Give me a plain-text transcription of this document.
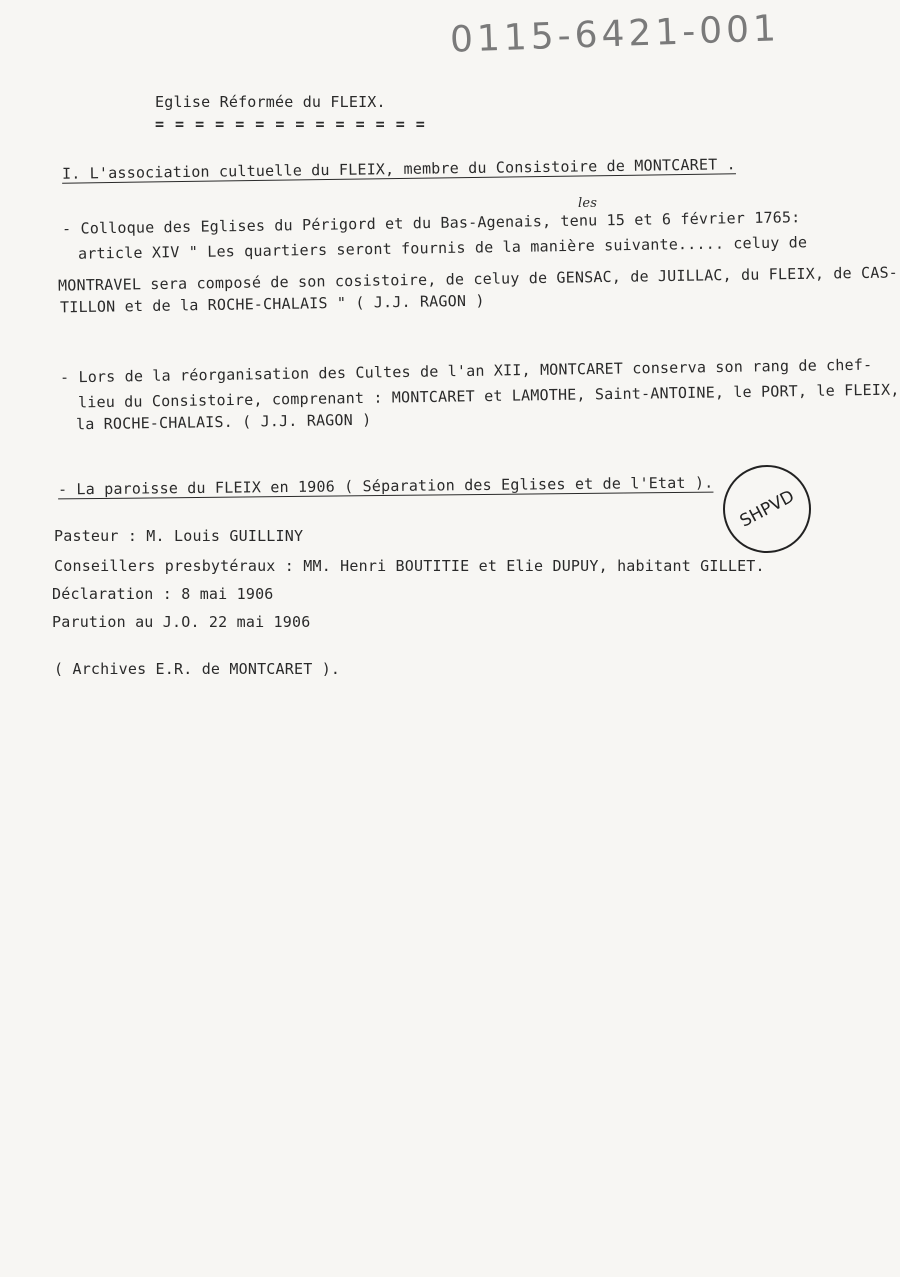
0115-6421-001
Eglise Réformée du FLEIX.
= = = = = = = = = = = = = =
I. L'association cultuelle du FLEIX, membre du Consistoire de MONTCARET .
- Colloque des Eglises du Périgord et du Bas-Agenais, tenu 15 et 6 février 1765:
les
article XIV " Les quartiers seront fournis de la manière suivante..... celuy de
MONTRAVEL sera composé de son cosistoire, de celuy de GENSAC, de JUILLAC, du FLEIX, de CAS-
TILLON et de la ROCHE-CHALAIS " ( J.J. RAGON )
- Lors de la réorganisation des Cultes de l'an XII, MONTCARET conserva son rang de chef-
lieu du Consistoire, comprenant : MONTCARET et LAMOTHE, Saint-ANTOINE, le PORT, le FLEIX,
la ROCHE-CHALAIS. ( J.J. RAGON )
- La paroisse du FLEIX en 1906 ( Séparation des Eglises et de l'Etat ).
SHPVD
Pasteur : M. Louis GUILLINY
Conseillers presbytéraux : MM. Henri BOUTITIE et Elie DUPUY, habitant GILLET.
Déclaration : 8 mai 1906
Parution au J.O. 22 mai 1906
( Archives E.R. de MONTCARET ).
